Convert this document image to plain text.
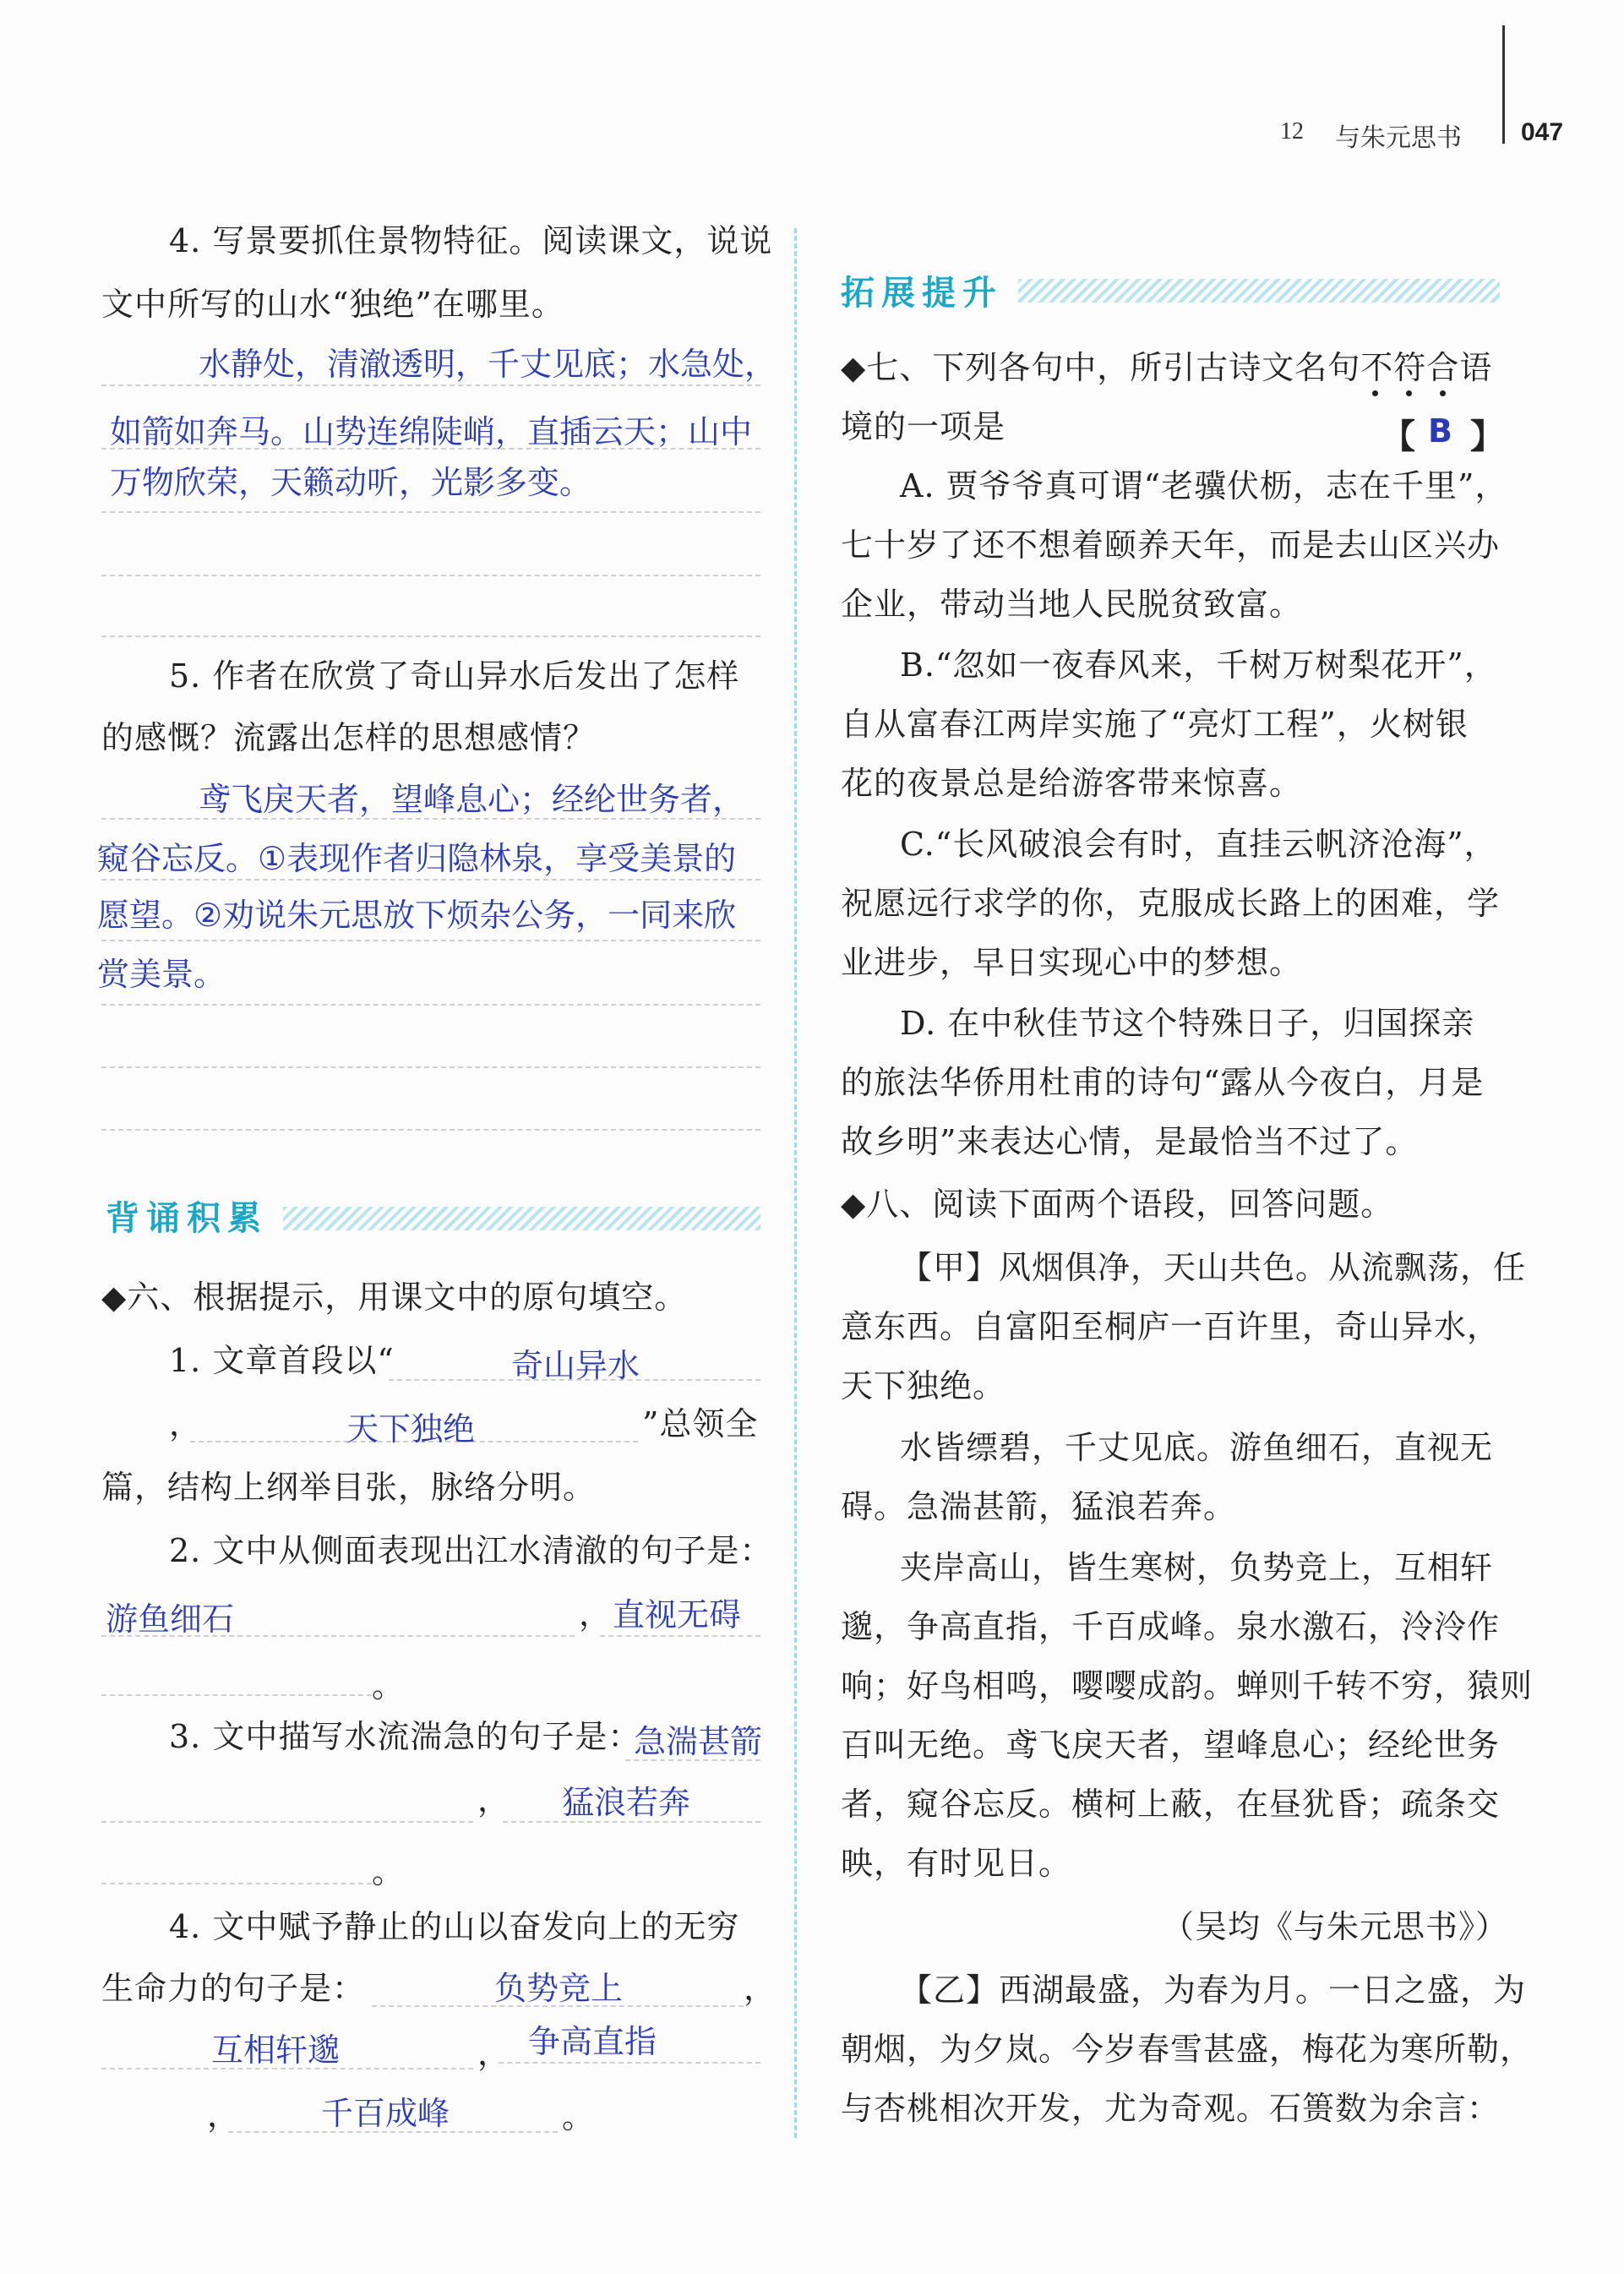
12 与朱元思书 047
4. 写景要抓住景物特征。阅读课文，说说
文中所写的山水“独绝”在哪里。
水静处，清澈透明，千丈见底；水急处，
如箭如奔马。山势连绵陡峭，直插云天；山中
万物欣荣，天籁动听，光影多变。
5. 作者在欣赏了奇山异水后发出了怎样
的感慨？流露出怎样的思想感情？
鸢飞戾天者，望峰息心；经纶世务者，
窥谷忘反。①表现作者归隐林泉，享受美景的
愿望。②劝说朱元思放下烦杂公务，一同来欣
赏美景。
背诵积累
◆六、根据提示，用课文中的原句填空。
1. 文章首段以“	奇山异水
，	天下独绝	”总领全
篇，结构上纲举目张，脉络分明。
2. 文中从侧面表现出江水清澈的句子是：
游鱼细石	， 直视无碍
。
3. 文中描写水流湍急的句子是：
急湍甚箭
， 猛浪若奔
。
4. 文中赋予静止的山以奋发向上的无穷
生命力的句子是：	负势竞上	，
互相轩邈	， 争高直指
，	千百成峰	。
拓展提升
◆七、下列各句中，所引古诗文名句不符合语
境的一项是	【 B 】
A. 贾爷爷真可谓“老骥伏枥，志在千里”，
七十岁了还不想着颐养天年，而是去山区兴办
企业，带动当地人民脱贫致富。
B.“忽如一夜春风来，千树万树梨花开”，
自从富春江两岸实施了“亮灯工程”，火树银
花的夜景总是给游客带来惊喜。
C.“长风破浪会有时，直挂云帆济沧海”，
祝愿远行求学的你，克服成长路上的困难，学
业进步，早日实现心中的梦想。
D. 在中秋佳节这个特殊日子，归国探亲
的旅法华侨用杜甫的诗句“露从今夜白，月是
故乡明”来表达心情，是最恰当不过了。
◆八、阅读下面两个语段，回答问题。
【甲】风烟俱净，天山共色。从流飘荡，任
意东西。自富阳至桐庐一百许里，奇山异水，
天下独绝。
水皆缥碧，千丈见底。游鱼细石，直视无
碍。急湍甚箭，猛浪若奔。
夹岸高山，皆生寒树，负势竞上，互相轩
邈，争高直指，千百成峰。泉水激石，泠泠作
响；好鸟相鸣，嘤嘤成韵。蝉则千转不穷，猿则
百叫无绝。鸢飞戾天者，望峰息心；经纶世务
者，窥谷忘反。横柯上蔽，在昼犹昏；疏条交
映，有时见日。
（吴均《与朱元思书》）
【乙】西湖最盛，为春为月。一日之盛，为
朝烟，为夕岚。今岁春雪甚盛，梅花为寒所勒，
与杏桃相次开发，尤为奇观。石篑数为余言：
